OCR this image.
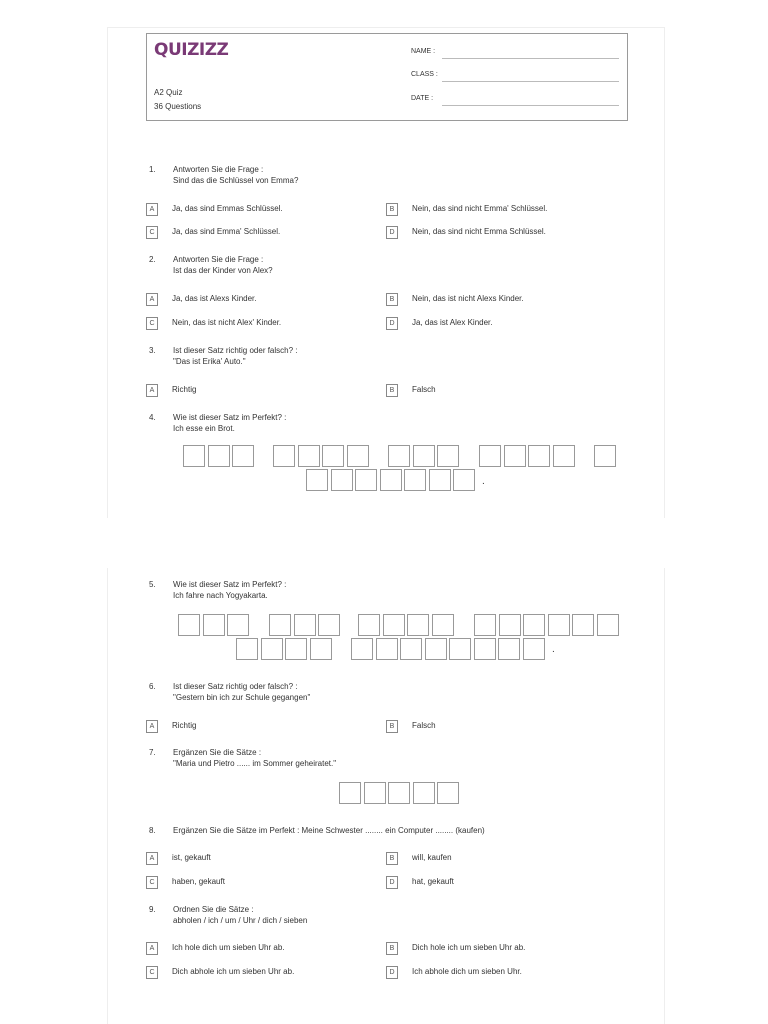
QUIZIZZ
A2 Quiz
36 Questions
NAME :
CLASS :
DATE :
1. Antworten Sie die Frage :
Sind das die Schlüssel von Emma?
A	Ja, das sind Emmas Schlüssel.	B	Nein, das sind nicht Emma' Schlüssel.
C	Ja, das sind Emma' Schlüssel.	D	Nein, das sind nicht Emma Schlüssel.
2. Antworten Sie die Frage :
Ist das der Kinder von Alex?
A	Ja, das ist Alexs Kinder.	B	Nein, das ist nicht Alexs Kinder.
C	Nein, das ist nicht Alex' Kinder.	D	Ja, das ist Alex Kinder.
3. Ist dieser Satz richtig oder falsch? :
"Das ist Erika' Auto."
A	Richtig	B	Falsch
4. Wie ist dieser Satz im Perfekt? :
Ich esse ein Brot.
.
5. Wie ist dieser Satz im Perfekt? :
Ich fahre nach Yogyakarta.
.
6. Ist dieser Satz richtig oder falsch? :
"Gestern bin ich zur Schule gegangen"
A	Richtig	B	Falsch
7. Ergänzen Sie die Sätze :
"Maria und Pietro ...... im Sommer geheiratet."
8. Ergänzen Sie die Sätze im Perfekt : Meine Schwester ........ ein Computer ........ (kaufen)
A	ist, gekauft	B	will, kaufen
C	haben, gekauft	D	hat, gekauft
9. Ordnen Sie die Sätze :
abholen / ich / um / Uhr / dich / sieben
A	Ich hole dich um sieben Uhr ab.	B	Dich hole ich um sieben Uhr ab.
C	Dich abhole ich um sieben Uhr ab.	D	Ich abhole dich um sieben Uhr.
